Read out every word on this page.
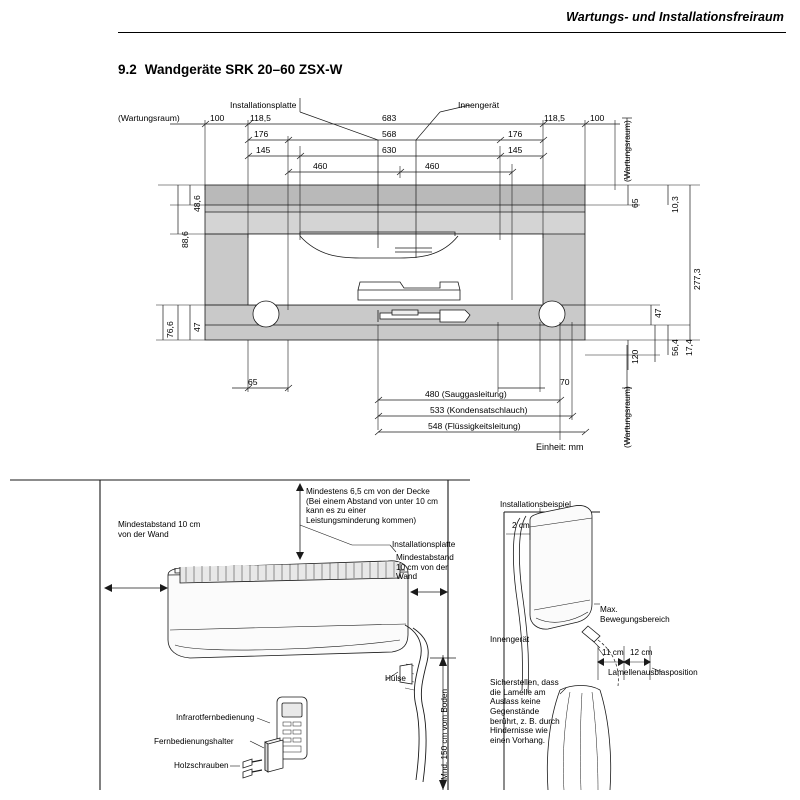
Wartungs- und Installationsfreiraum
9.2 Wandgeräte SRK 20–60 ZSX-W
(Wartungsraum)
Installationsplatte	Innengerät
100	118,5	683	118,5	100
176	568	176
145	630	145
460	460
48,6
88,6
76,6 47
65	10,3
277,3
47
56,4 17,4
120
(Wartungsraum)
(Wartungsraum)
65	70
480 (Sauggasleitung)
533 (Kondensatschlauch)
548 (Flüssigkeitsleitung)
Einheit: mm
Mindestens 6,5 cm von der Decke (Bei einem Abstand von unter 10 cm kann es zu einer Leistungsminderung kommen)
Mindestabstand 10 cm von der Wand
Mindestabstand 10 cm von der Wand
Installationsplatte
Hülse
Mnd. 150 cm vom Boden
Infrarotfernbedienung
Fernbedienungshalter
Holzschrauben
Installationsbeispiel
2 cm
Innengerät
Max. Bewegungsbereich
11 cm 12 cm
Lamellenausblasposition
Sicherstellen, dass die Lamelle am Auslass keine Gegenstände berührt, z. B. durch Hindernisse wie einen Vorhang.
